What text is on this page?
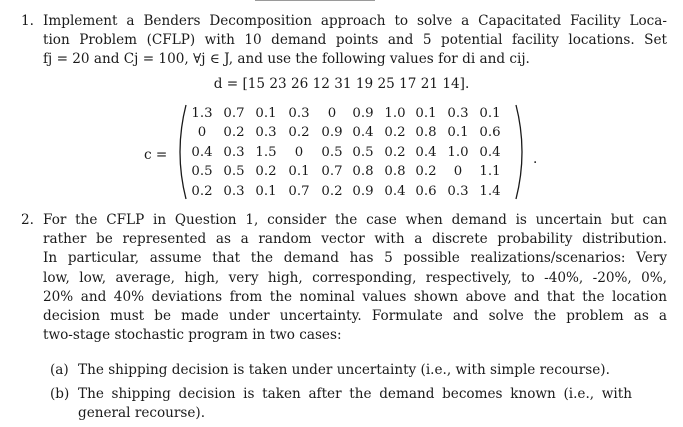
1. Implement a Benders Decomposition approach to solve a Capacitated Facility Loca-
tion Problem (CFLP) with 10 demand points and 5 potential facility locations. Set
fj = 20 and Cj = 100, ∀j ∈ J, and use the following values for di and cij.
d = [15 23 26 12 31 19 25 17 21 14].
c =
1.3 0.7 0.1 0.3	0	0.9 1.0 0.1 0.3 0.1
0	0.2 0.3 0.2 0.9 0.4 0.2 0.8 0.1 0.6
0.4 0.3 1.5	0	0.5 0.5 0.2 0.4 1.0 0.4
0.5 0.5 0.2 0.1 0.7 0.8 0.8 0.2	0	1.1
0.2 0.3 0.1 0.7 0.2 0.9 0.4 0.6 0.3 1.4
.
2. For the CFLP in Question 1, consider the case when demand is uncertain but can
rather be represented as a random vector with a discrete probability distribution.
In particular, assume that the demand has 5 possible realizations/scenarios: Very
low, low, average, high, very high, corresponding, respectively, to -40%, -20%, 0%,
20% and 40% deviations from the nominal values shown above and that the location
decision must be made under uncertainty. Formulate and solve the problem as a
two-stage stochastic program in two cases:
(a) The shipping decision is taken under uncertainty (i.e., with simple recourse).
(b) The shipping decision is taken after the demand becomes known (i.e., with
general recourse).
